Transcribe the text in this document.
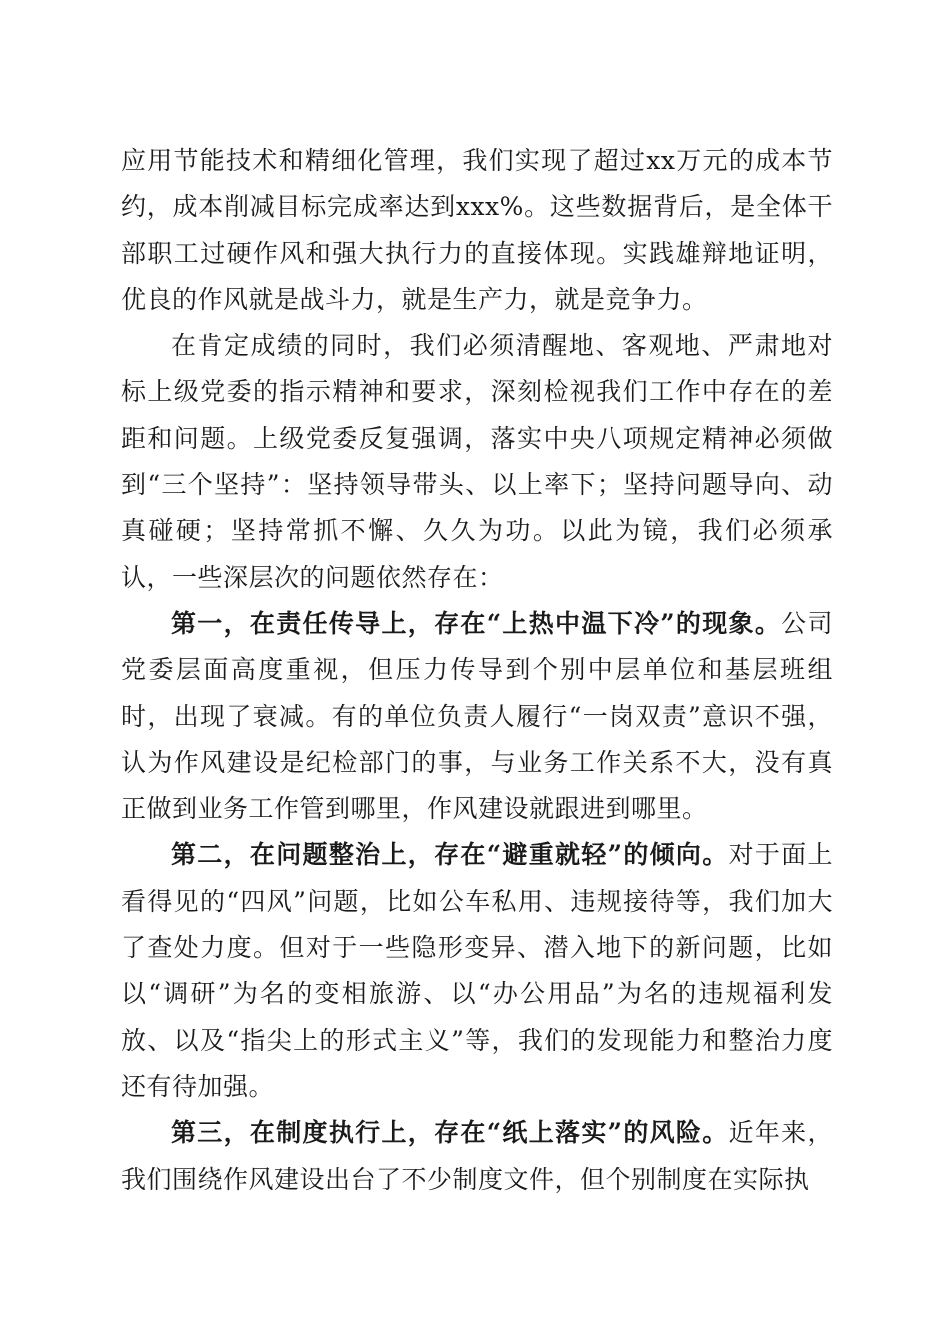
应用节能技术和精细化管理，我们实现了超过xx万元的成本节约，成本削减目标完成率达到xxx%。这些数据背后，是全体干部职工过硬作风和强大执行力的直接体现。实践雄辩地证明，优良的作风就是战斗力，就是生产力，就是竞争力。

在肯定成绩的同时，我们必须清醒地、客观地、严肃地对标上级党委的指示精神和要求，深刻检视我们工作中存在的差距和问题。上级党委反复强调，落实中央八项规定精神必须做到“三个坚持”：坚持领导带头、以上率下；坚持问题导向、动真碰硬；坚持常抓不懈、久久为功。以此为镜，我们必须承认，一些深层次的问题依然存在：

第一，在责任传导上，存在“上热中温下冷”的现象。公司党委层面高度重视，但压力传导到个别中层单位和基层班组时，出现了衰减。有的单位负责人履行“一岗双责”意识不强，认为作风建设是纪检部门的事，与业务工作关系不大，没有真正做到业务工作管到哪里，作风建设就跟进到哪里。

第二，在问题整治上，存在“避重就轻”的倾向。对于面上看得见的“四风”问题，比如公车私用、违规接待等，我们加大了查处力度。但对于一些隐形变异、潜入地下的新问题，比如以“调研”为名的变相旅游、以“办公用品”为名的违规福利发放、以及“指尖上的形式主义”等，我们的发现能力和整治力度还有待加强。

第三，在制度执行上，存在“纸上落实”的风险。近年来，我们围绕作风建设出台了不少制度文件，但个别制度在实际执
